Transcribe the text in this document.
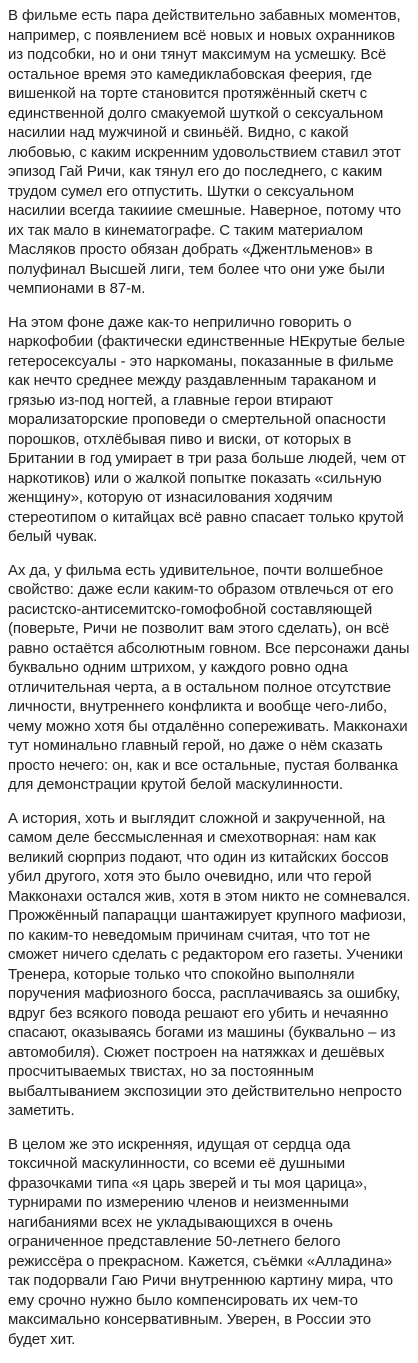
В фильме есть пара действительно забавных моментов, например, с появлением всё новых и новых охранников из подсобки, но и они тянут максимум на усмешку. Всё остальное время это камедиклабовская феерия, где вишенкой на торте становится протяжённый скетч с единственной долго смакуемой шуткой о сексуальном насилии над мужчиной и свиньёй. Видно, с какой любовью, с каким искренним удовольствием ставил этот эпизод Гай Ричи, как тянул его до последнего, с каким трудом сумел его отпустить. Шутки о сексуальном насилии всегда такииие смешные. Наверное, потому что их так мало в кинематографе. С таким материалом Масляков просто обязан добрать «Джентльменов» в полуфинал Высшей лиги, тем более что они уже были чемпионами в 87-м.

На этом фоне даже как-то неприлично говорить о наркофобии (фактически единственные НЕкрутые белые гетеросексуалы - это наркоманы, показанные в фильме как нечто среднее между раздавленным тараканом и грязью из-под ногтей, а главные герои втирают морализаторские проповеди о смертельной опасности порошков, отхлёбывая пиво и виски, от которых в Британии в год умирает в три раза больше людей, чем от наркотиков) или о жалкой попытке показать «сильную женщину», которую от изнасилования ходячим стереотипом о китайцах всё равно спасает только крутой белый чувак.

Ах да, у фильма есть удивительное, почти волшебное свойство: даже если каким-то образом отвлечься от его расистско-антисемитско-гомофобной составляющей (поверьте, Ричи не позволит вам этого сделать), он всё равно остаётся абсолютным говном. Все персонажи даны буквально одним штрихом, у каждого ровно одна отличительная черта, а в остальном полное отсутствие личности, внутреннего конфликта и вообще чего-либо, чему можно хотя бы отдалённо сопереживать. Макконахи тут номинально главный герой, но даже о нём сказать просто нечего: он, как и все остальные, пустая болванка для демонстрации крутой белой маскулинности.

А история, хоть и выглядит сложной и закрученной, на самом деле бессмысленная и смехотворная: нам как великий сюрприз подают, что один из китайских боссов убил другого, хотя это было очевидно, или что герой Макконахи остался жив, хотя в этом никто не сомневался. Прожжённый папарацци шантажирует крупного мафиози, по каким-то неведомым причинам считая, что тот не сможет ничего сделать с редактором его газеты. Ученики Тренера, которые только что спокойно выполняли поручения мафиозного босса, расплачиваясь за ошибку, вдруг без всякого повода решают его убить и нечаянно спасают, оказываясь богами из машины (буквально – из автомобиля). Сюжет построен на натяжках и дешёвых просчитываемых твистах, но за постоянным выбалтыванием экспозиции это действительно непросто заметить.

В целом же это искренняя, идущая от сердца ода токсичной маскулинности, со всеми её душными фразочками типа «я царь зверей и ты моя царица», турнирами по измерению членов и неизменными нагибаниями всех не укладывающихся в очень ограниченное представление 50-летнего белого режиссёра о прекрасном. Кажется, съёмки «Алладина» так подорвали Гаю Ричи внутреннюю картину мира, что ему срочно нужно было компенсировать их чем-то максимально консервативным. Уверен, в России это будет хит.
